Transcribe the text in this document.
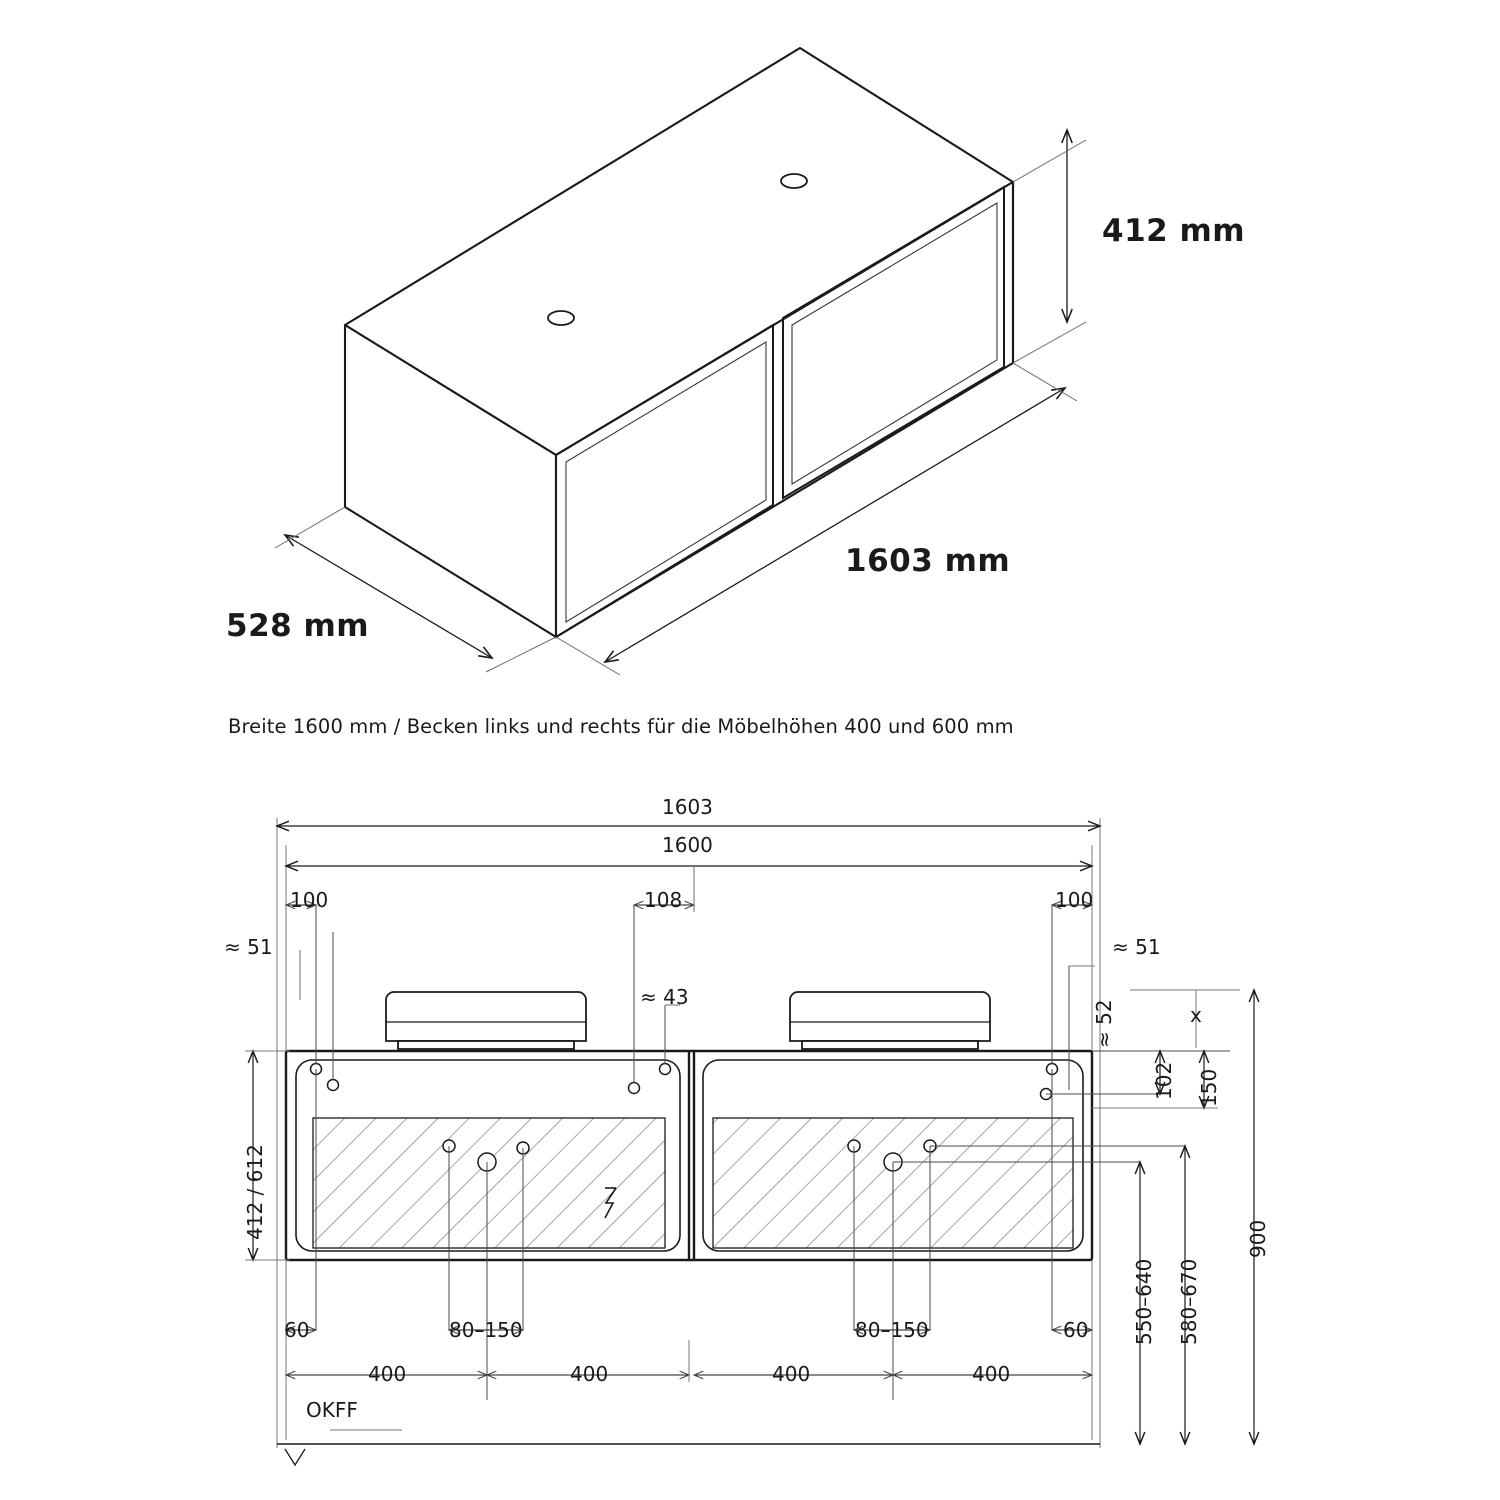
412 mm
1603 mm
528 mm
Breite 1600 mm / Becken links und rechts für die Möbelhöhen 400 und 600 mm
1603
1600
100	108	100
≈ 51	≈ 51
≈ 43
≈ 52	x
102 150
412 / 612	900
550–640 580–670
60	60
80–150	80–150
400	400	400	400
OKFF
